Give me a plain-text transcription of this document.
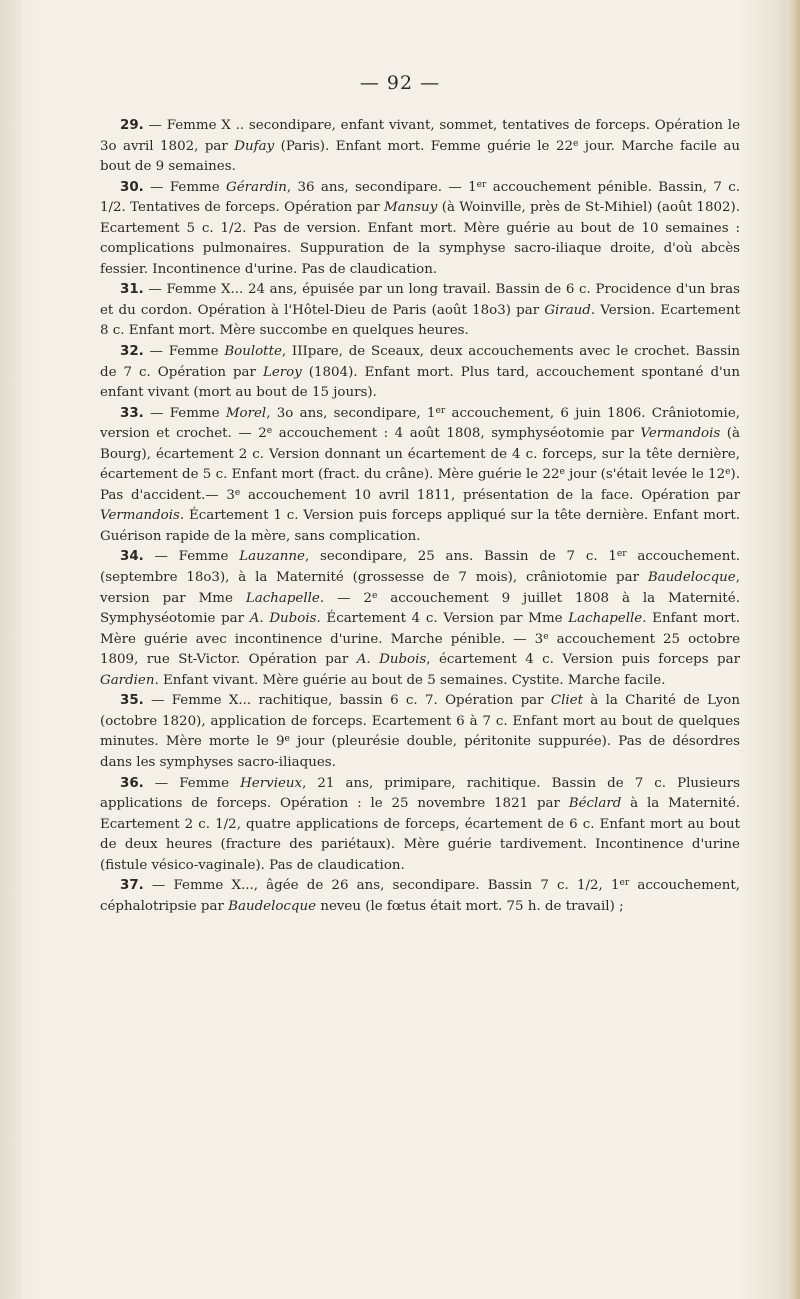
— 92 —

29. — Femme X .. secondipare, enfant vivant, sommet, tentatives de forceps. Opération le 3o avril 1802, par Dufay (Paris). Enfant mort. Femme guérie le 22e jour. Marche facile au bout de 9 semaines.

30. — Femme Gérardin, 36 ans, secondipare. — 1er accouchement pénible. Bassin, 7 c. 1/2. Tentatives de forceps. Opération par Mansuy (à Woinville, près de St-Mihiel) (août 1802). Ecartement 5 c. 1/2. Pas de version. Enfant mort. Mère guérie au bout de 10 semaines : complications pulmonaires. Suppuration de la symphyse sacro-iliaque droite, d'où abcès fessier. Incontinence d'urine. Pas de claudication.

31. — Femme X... 24 ans, épuisée par un long travail. Bassin de 6 c. Procidence d'un bras et du cordon. Opération à l'Hôtel-Dieu de Paris (août 18o3) par Giraud. Version. Ecartement 8 c. Enfant mort. Mère succombe en quelques heures.

32. — Femme Boulotte, IIIpare, de Sceaux, deux accouchements avec le crochet. Bassin de 7 c. Opération par Leroy (1804). Enfant mort. Plus tard, accouchement spontané d'un enfant vivant (mort au bout de 15 jours).

33. — Femme Morel, 3o ans, secondipare, 1er accouchement, 6 juin 1806. Crâniotomie, version et crochet. — 2e accouchement : 4 août 1808, symphyséotomie par Vermandois (à Bourg), écartement 2 c. Version donnant un écartement de 4 c. forceps, sur la tête dernière, écartement de 5 c. Enfant mort (fract. du crâne). Mère guérie le 22e jour (s'était levée le 12e). Pas d'accident.— 3e accouchement 10 avril 1811, présentation de la face. Opération par Vermandois. Écartement 1 c. Version puis forceps appliqué sur la tête dernière. Enfant mort. Guérison rapide de la mère, sans complication.

34. — Femme Lauzanne, secondipare, 25 ans. Bassin de 7 c. 1er accouchement. (septembre 18o3), à la Maternité (grossesse de 7 mois), crâniotomie par Baudelocque, version par Mme Lachapelle. — 2e accouchement 9 juillet 1808 à la Maternité. Symphyséotomie par A. Dubois. Écartement 4 c. Version par Mme Lachapelle. Enfant mort. Mère guérie avec incontinence d'urine. Marche pénible. — 3e accouchement 25 octobre 1809, rue St-Victor. Opération par A. Dubois, écartement 4 c. Version puis forceps par Gardien. Enfant vivant. Mère guérie au bout de 5 semaines. Cystite. Marche facile.

35. — Femme X... rachitique, bassin 6 c. 7. Opération par Cliet à la Charité de Lyon (octobre 1820), application de forceps. Ecartement 6 à 7 c. Enfant mort au bout de quelques minutes. Mère morte le 9e jour (pleurésie double, péritonite suppurée). Pas de désordres dans les symphyses sacro-iliaques.

36. — Femme Hervieux, 21 ans, primipare, rachitique. Bassin de 7 c. Plusieurs applications de forceps. Opération : le 25 novembre 1821 par Béclard à la Maternité. Ecartement 2 c. 1/2, quatre applications de forceps, écartement de 6 c. Enfant mort au bout de deux heures (fracture des pariétaux). Mère guérie tardivement. Incontinence d'urine (fistule vésico-vaginale). Pas de claudication.

37. — Femme X..., âgée de 26 ans, secondipare. Bassin 7 c. 1/2, 1er accouchement, céphalotripsie par Baudelocque neveu (le fœtus était mort. 75 h. de travail) ;
